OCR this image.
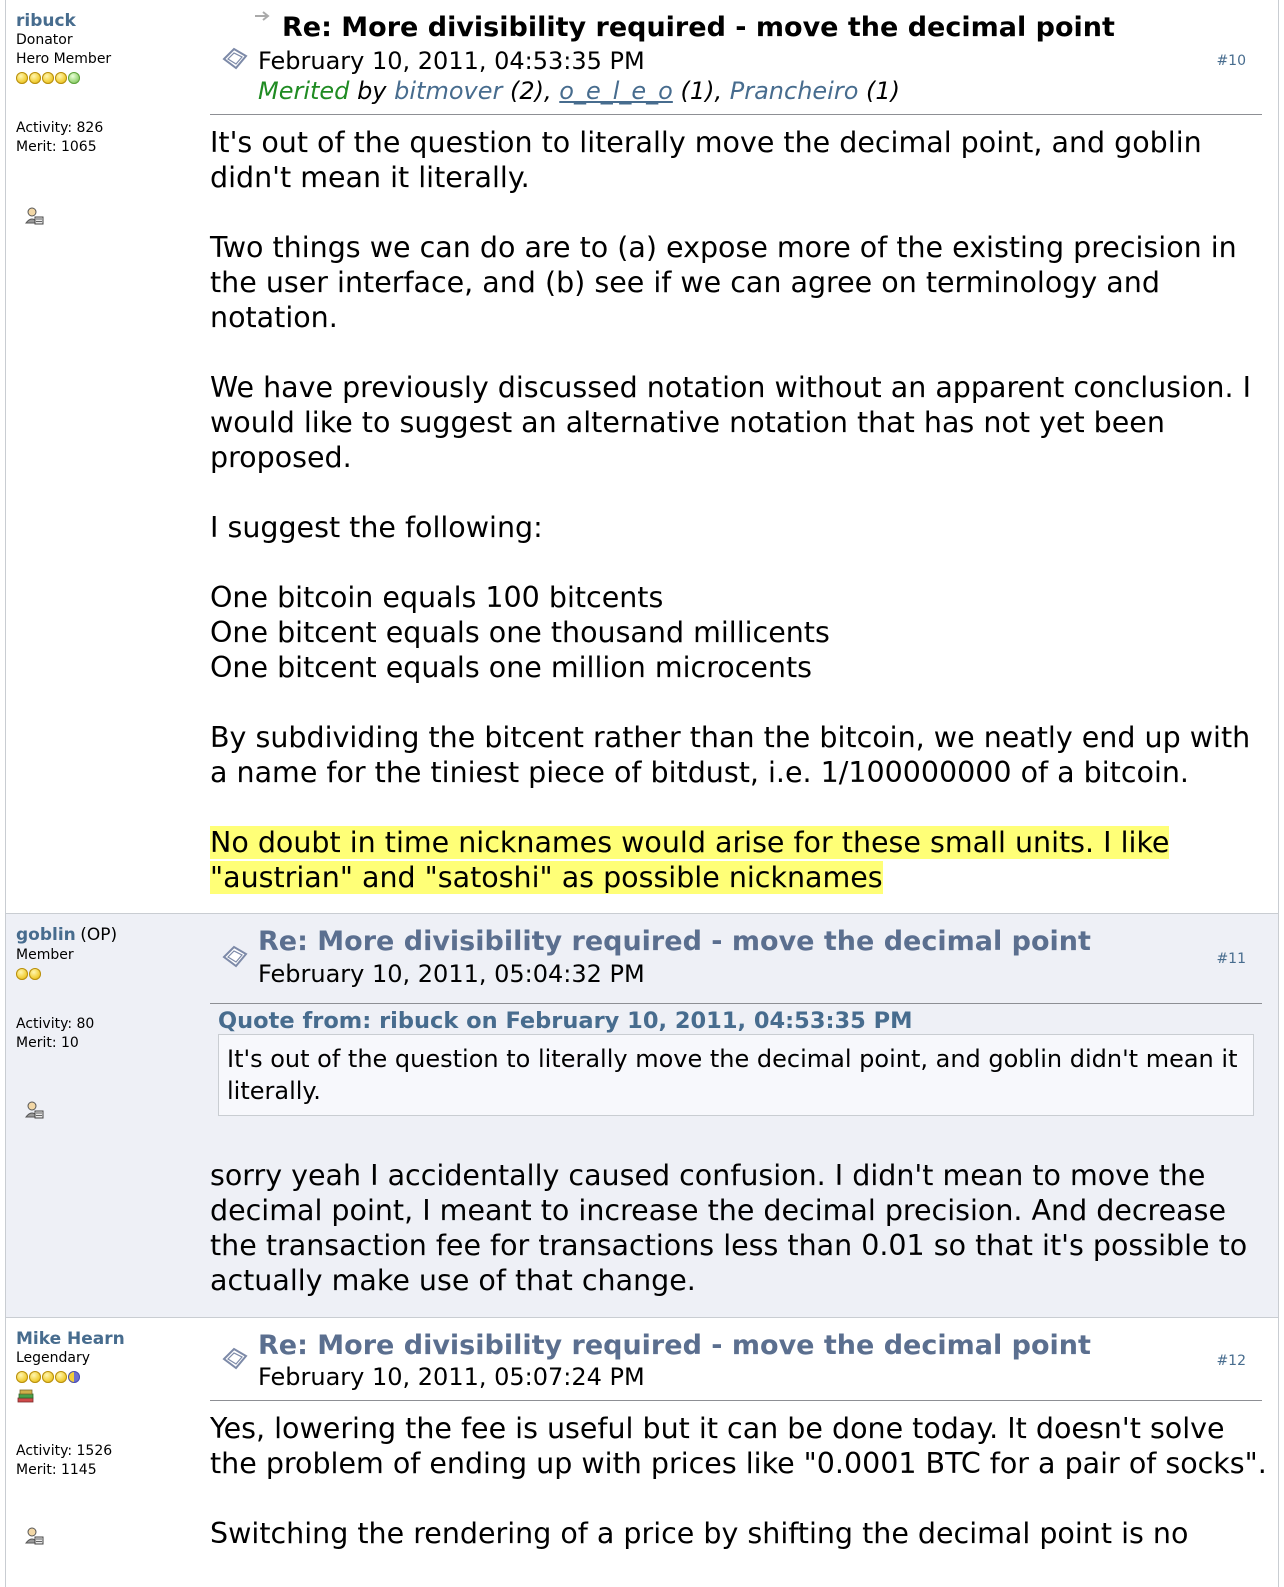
ribuck
Donator
Hero Member
Activity: 826
Merit: 1065
Re: More divisibility required - move the decimal point
February 10, 2011, 04:53:35 PM
Merited by bitmover (2), o_e_l_e_o (1), Prancheiro (1)
#10

It's out of the question to literally move the decimal point, and goblin didn't mean it literally.

Two things we can do are to (a) expose more of the existing precision in the user interface, and (b) see if we can agree on terminology and notation.

We have previously discussed notation without an apparent conclusion. I would like to suggest an alternative notation that has not yet been proposed.

I suggest the following:

One bitcoin equals 100 bitcents
One bitcent equals one thousand millicents
One bitcent equals one million microcents

By subdividing the bitcent rather than the bitcoin, we neatly end up with a name for the tiniest piece of bitdust, i.e. 1/100000000 of a bitcoin.

No doubt in time nicknames would arise for these small units. I like "austrian" and "satoshi" as possible nicknames

goblin (OP)
Member
Activity: 80
Merit: 10
Re: More divisibility required - move the decimal point
February 10, 2011, 05:04:32 PM
#11
Quote from: ribuck on February 10, 2011, 04:53:35 PM
It's out of the question to literally move the decimal point, and goblin didn't mean it literally.

sorry yeah I accidentally caused confusion. I didn't mean to move the decimal point, I meant to increase the decimal precision. And decrease the transaction fee for transactions less than 0.01 so that it's possible to actually make use of that change.

Mike Hearn
Legendary
Activity: 1526
Merit: 1145
Re: More divisibility required - move the decimal point
February 10, 2011, 05:07:24 PM
#12

Yes, lowering the fee is useful but it can be done today. It doesn't solve the problem of ending up with prices like "0.0001 BTC for a pair of socks".

Switching the rendering of a price by shifting the decimal point is no
